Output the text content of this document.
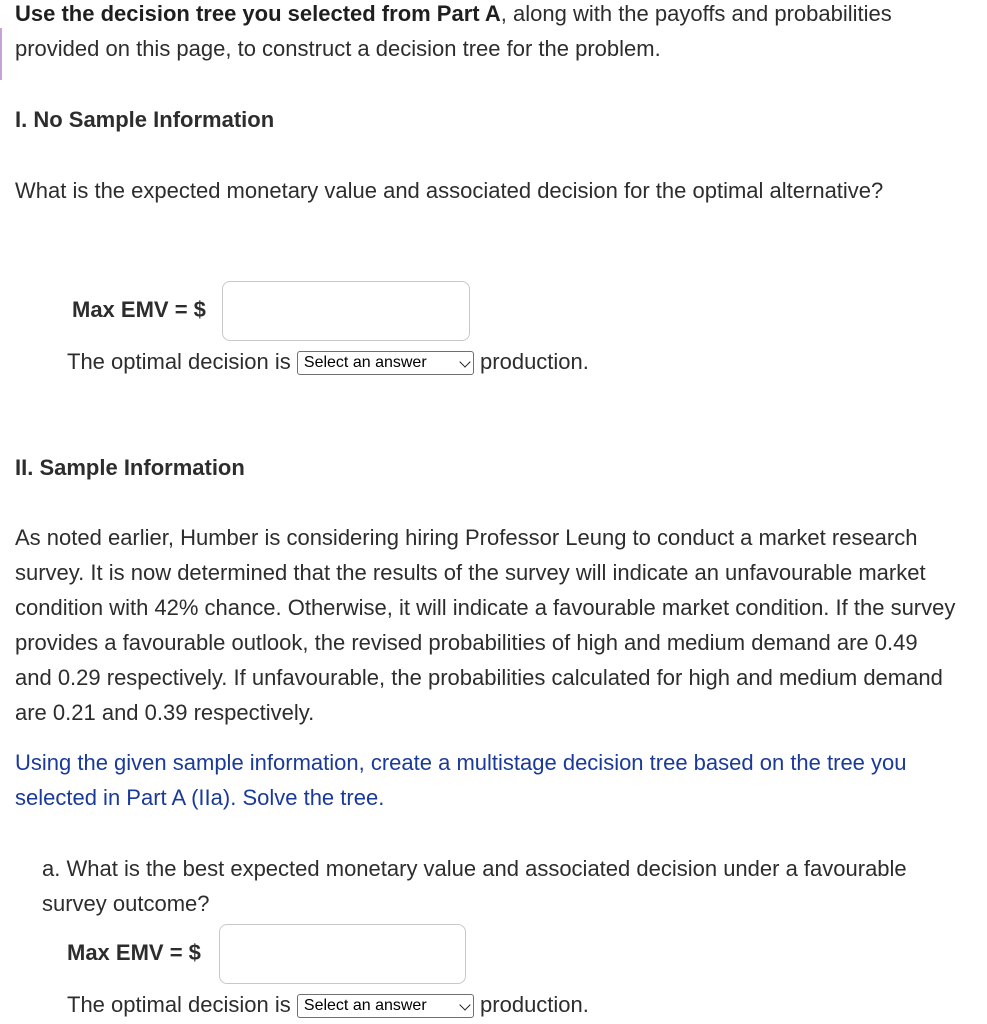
Use the decision tree you selected from Part A, along with the payoffs and probabilities provided on this page, to construct a decision tree for the problem.
I. No Sample Information
What is the expected monetary value and associated decision for the optimal alternative?
Max EMV = $
The optimal decision is Select an answer production.
II. Sample Information
As noted earlier, Humber is considering hiring Professor Leung to conduct a market research survey. It is now determined that the results of the survey will indicate an unfavourable market condition with 42% chance. Otherwise, it will indicate a favourable market condition. If the survey provides a favourable outlook, the revised probabilities of high and medium demand are 0.49 and 0.29 respectively. If unfavourable, the probabilities calculated for high and medium demand are 0.21 and 0.39 respectively.
Using the given sample information, create a multistage decision tree based on the tree you selected in Part A (IIa). Solve the tree.
a. What is the best expected monetary value and associated decision under a favourable survey outcome?
Max EMV = $
The optimal decision is Select an answer production.
